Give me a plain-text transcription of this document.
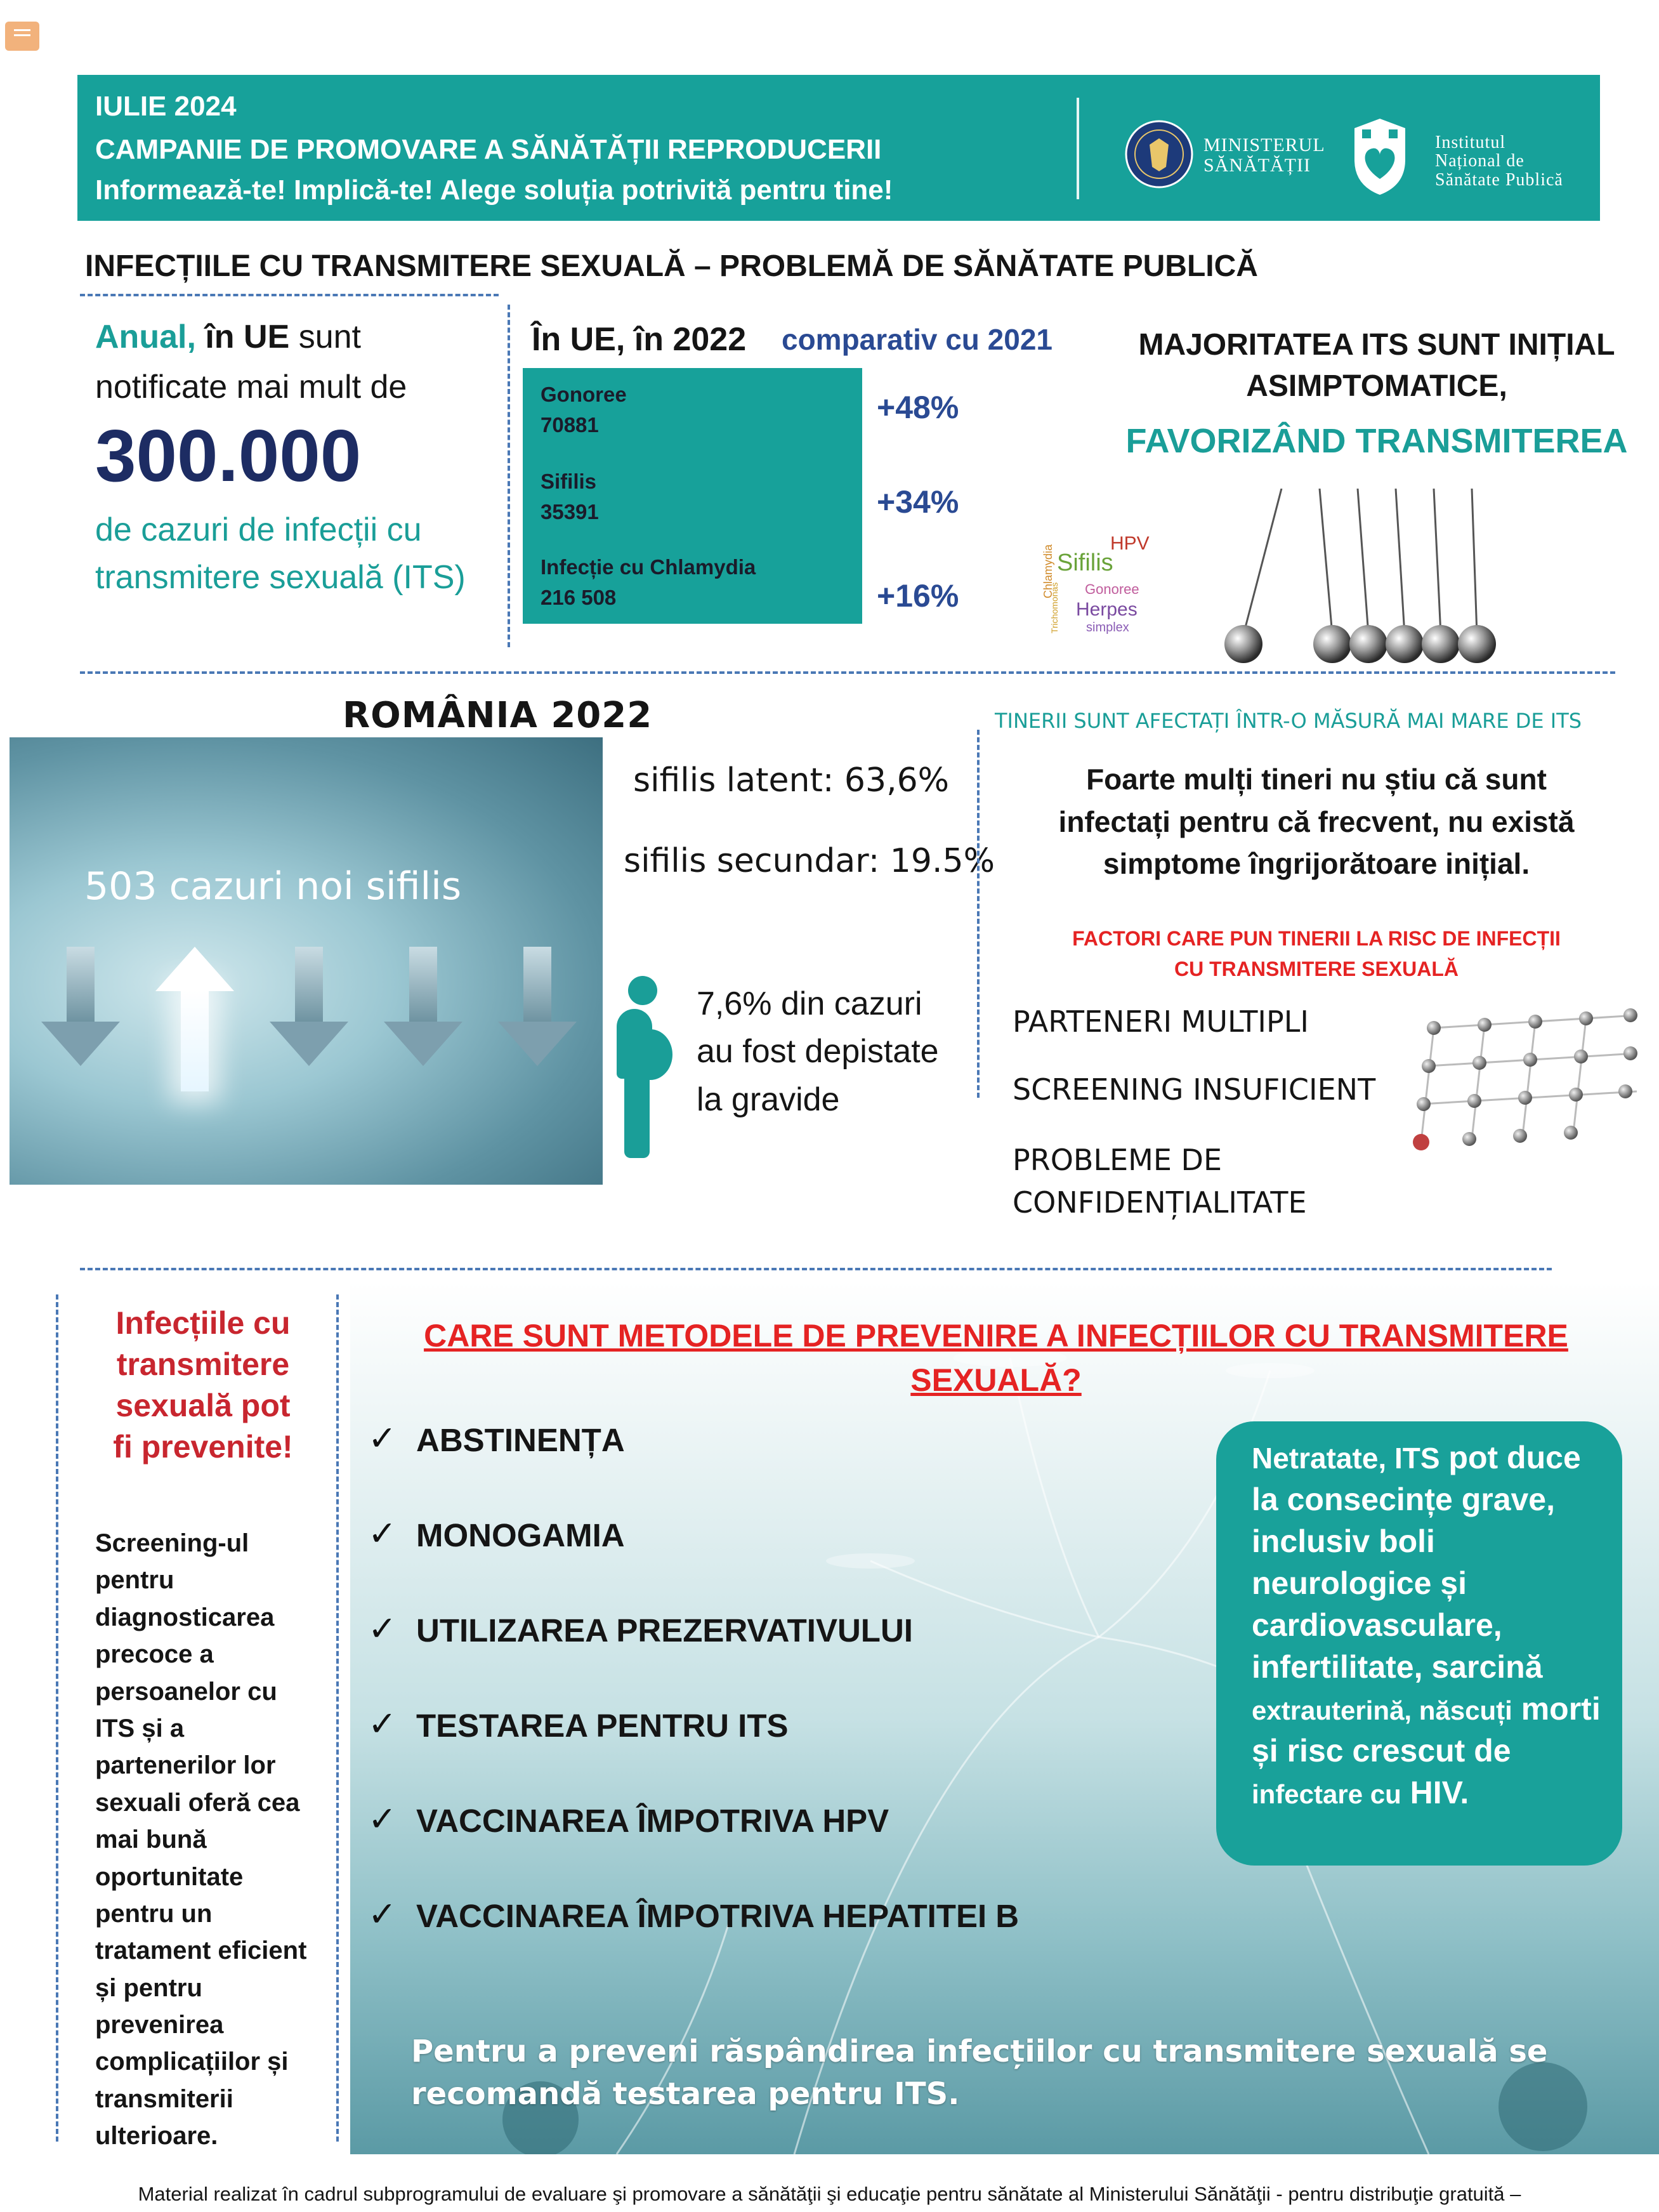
IULIE 2024
CAMPANIE DE PROMOVARE A SĂNĂTĂȚII REPRODUCERII
Informează-te! Implică-te! Alege soluția potrivită pentru tine!
MINISTERUL
SĂNĂTĂȚII
Institutul
Național de
Sănătate Publică
INFECȚIILE CU TRANSMITERE SEXUALĂ – PROBLEMĂ DE SĂNĂTATE PUBLICĂ
Anual, în UE sunt
notificate mai mult de
300.000
de cazuri de infecții cu
transmitere sexuală (ITS)
În UE, în 2022 comparativ cu 2021
Gonoree
70881
Sifilis
35391
Infecție cu Chlamydia
216 508
+48%
+34%
+16%
HPV
Sifilis
Gonoree
Herpes
simplex
Chlamydia
Trichomonas
MAJORITATEA ITS SUNT INIȚIAL
ASIMPTOMATICE,
FAVORIZÂND TRANSMITEREA
ROMÂNIA 2022
503 cazuri noi sifilis
sifilis latent: 63,6%
sifilis secundar: 19.5%
7,6% din cazuri
au fost depistate
la gravide
TINERII SUNT AFECTAȚI ÎNTR-O MĂSURĂ MAI MARE DE ITS
Foarte mulți tineri nu știu că sunt
infectați pentru că frecvent, nu există
simptome îngrijorătoare inițial.
FACTORI CARE PUN TINERII LA RISC DE INFECȚII
CU TRANSMITERE SEXUALĂ
PARTENERI MULTIPLI
SCREENING INSUFICIENT
PROBLEME DE
CONFIDENȚIALITATE
Infecțiile cu
transmitere
sexuală pot
fi prevenite!
Screening-ul pentru diagnosticarea precoce a persoanelor cu ITS și a partenerilor lor sexuali oferă cea mai bună oportunitate pentru un tratament eficient și pentru prevenirea complicațiilor și transmiterii ulterioare.
CARE SUNT METODELE DE PREVENIRE A INFECȚIILOR CU TRANSMITERE
SEXUALĂ?
✓ ABSTINENȚA
✓ MONOGAMIA
✓ UTILIZAREA PREZERVATIVULUI
✓ TESTAREA PENTRU ITS
✓ VACCINAREA ÎMPOTRIVA HPV
✓ VACCINAREA ÎMPOTRIVA HEPATITEI B
Netratate, ITS pot duce la consecințe grave, inclusiv boli neurologice și cardiovasculare, infertilitate, sarcină extrauterină, născuți morti și risc crescut de infectare cu HIV.
Pentru a preveni răspândirea infecțiilor cu transmitere sexuală se
recomandă testarea pentru ITS.
Material realizat în cadrul subprogramului de evaluare şi promovare a sănătăţii şi educaţie pentru sănătate al Ministerului Sănătăţii - pentru distribuţie gratuită –
